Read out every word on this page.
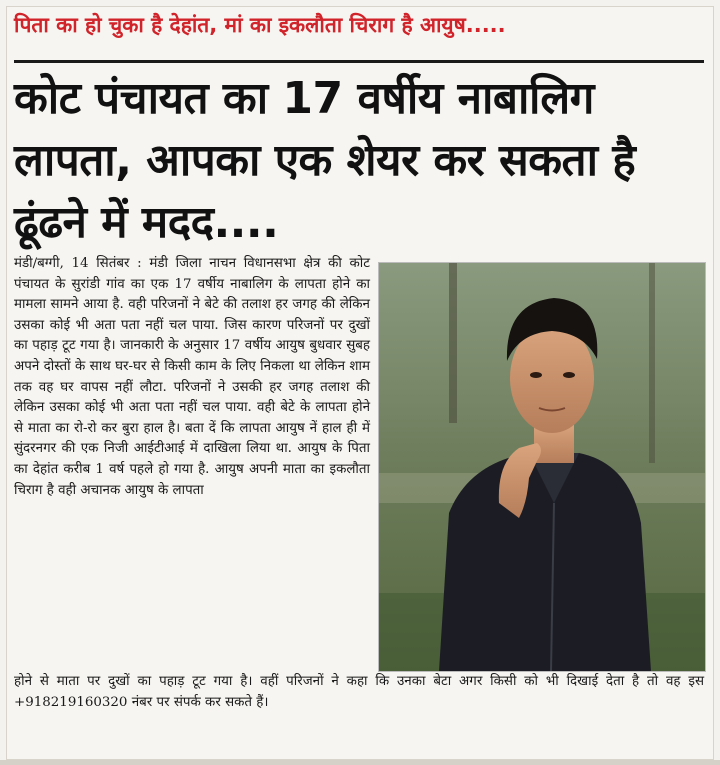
पिता का हो चुका है देहांत, मां का इकलौता चिराग है आयुष.....
कोट पंचायत का 17 वर्षीय नाबालिग लापता, आपका एक शेयर कर सकता है ढूंढने में मदद....
मंडी/बग्गी, 14 सितंबर : मंडी जिला नाचन विधानसभा क्षेत्र की कोट पंचायत के सुरांडी गांव का एक 17 वर्षीय नाबालिग के लापता होने का मामला सामने आया है. वही परिजनों ने बेटे की तलाश हर जगह की लेकिन उसका कोई भी अता पता नहीं चल पाया. जिस कारण परिजनों पर दुखों का पहाड़ टूट गया है। जानकारी के अनुसार 17 वर्षीय आयुष बुधवार सुबह अपने दोस्तों के साथ घर-घर से किसी काम के लिए निकला था लेकिन शाम तक वह घर वापस नहीं लौटा. परिजनों ने उसकी हर जगह तलाश की लेकिन उसका कोई भी अता पता नहीं चल पाया. वही बेटे के लापता होने से माता का रो-रो कर बुरा हाल है। बता दें कि लापता आयुष नें हाल ही में सुंदरनगर की एक निजी आईटीआई में दाखिला लिया था. आयुष के पिता का देहांत करीब 1 वर्ष पहले हो गया है. आयुष अपनी माता का इकलौता चिराग है वही अचानक आयुष के लापता
होने से माता पर दुखों का पहाड़ टूट गया है। वहीं परिजनों ने कहा कि उनका बेटा अगर किसी को भी दिखाई देता है तो वह इस +918219160320 नंबर पर संपर्क कर सकते हैं।
